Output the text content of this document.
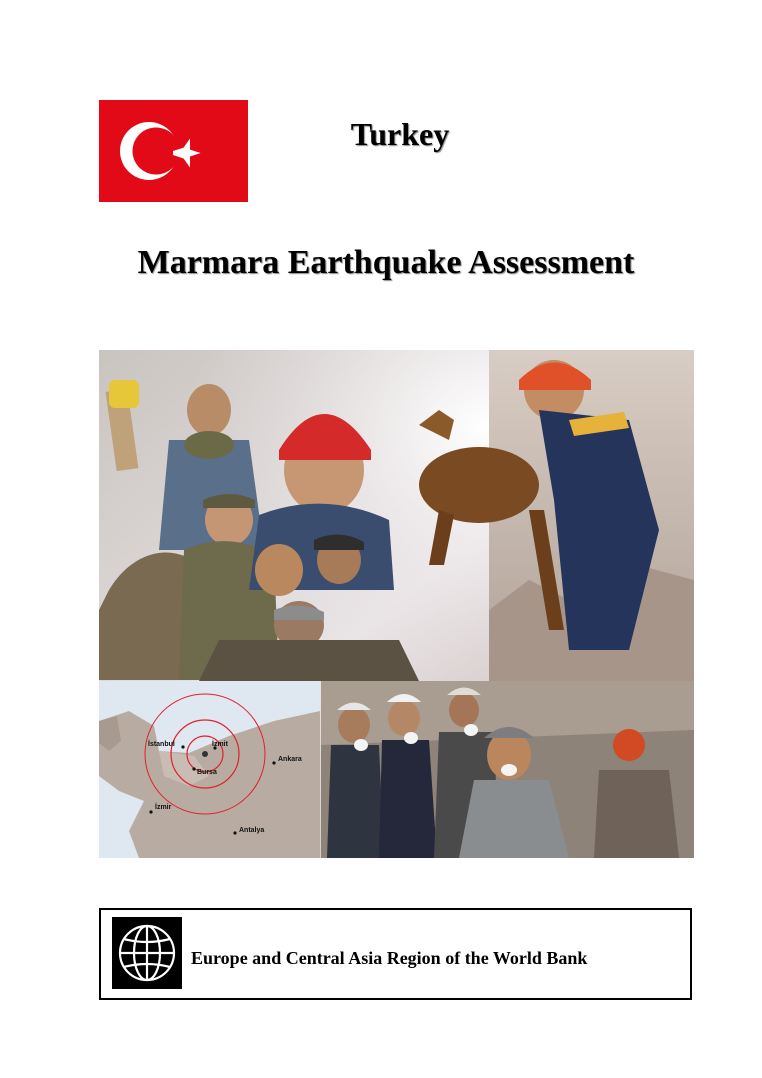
Turkey
Marmara Earthquake Assessment
İstanbul	İzmit
Ankara
Bursa
İzmir
Antalya
Europe and Central Asia Region of the World Bank
